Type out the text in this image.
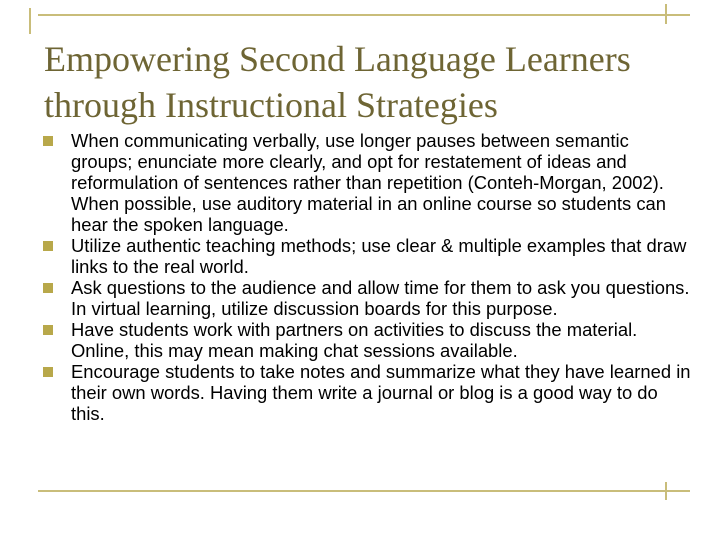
Empowering Second Language Learners
through Instructional Strategies
When communicating verbally, use longer pauses between semantic groups; enunciate more clearly, and opt for restatement of ideas and reformulation of sentences rather than repetition (Conteh-Morgan, 2002). When possible, use auditory material in an online course so students can hear the spoken language.
Utilize authentic teaching methods; use clear & multiple examples that draw links to the real world.
Ask questions to the audience and allow time for them to ask you questions. In virtual learning, utilize discussion boards for this purpose.
Have students work with partners on activities to discuss the material. Online, this may mean making chat sessions available.
Encourage students to take notes and summarize what they have learned in their own words. Having them write a journal or blog is a good way to do this.
